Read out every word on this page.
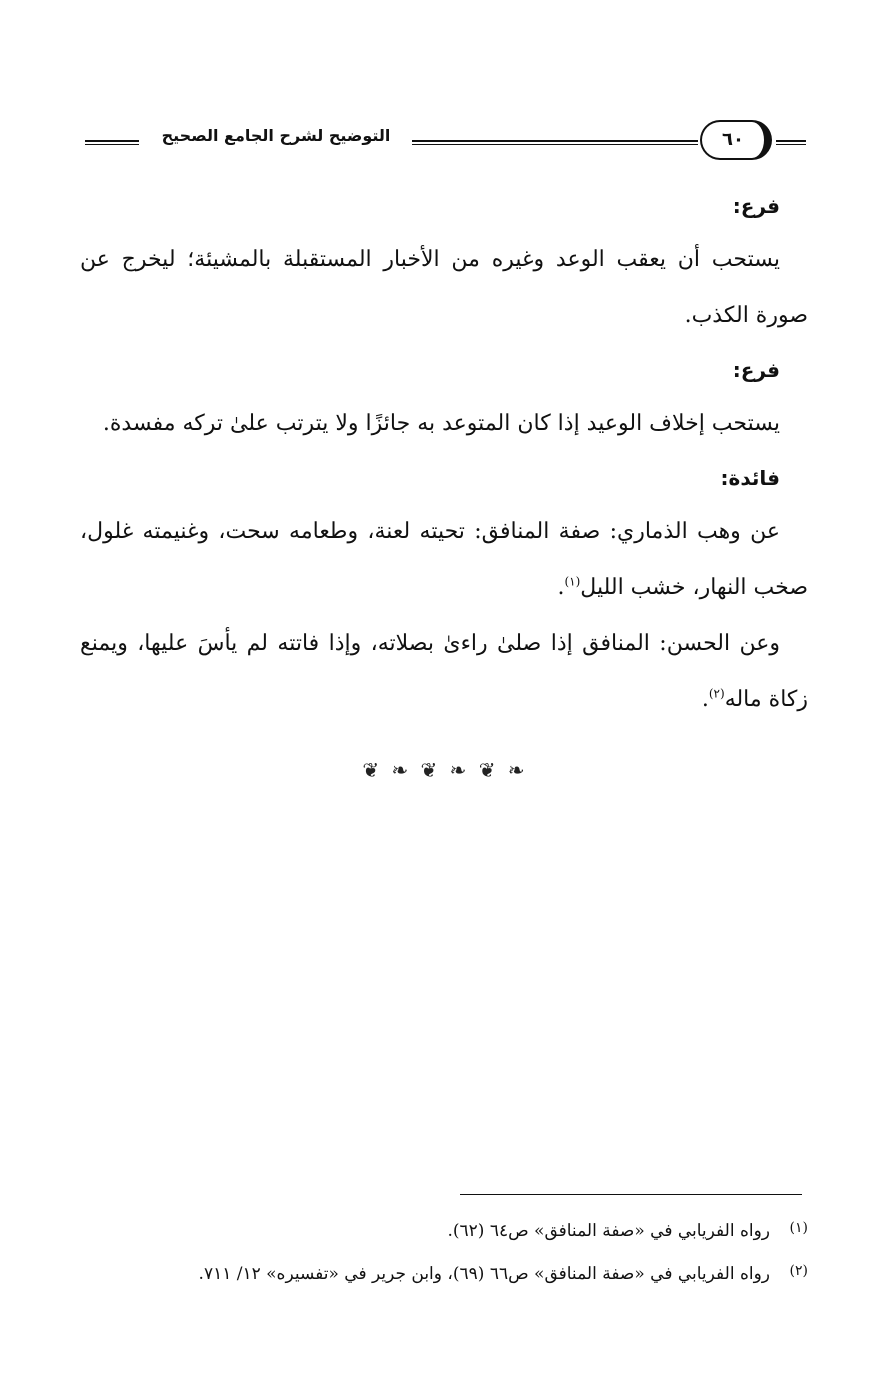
التوضيح لشرح الجامع الصحيح	٦٠
فرع:

يستحب أن يعقب الوعد وغيره من الأخبار المستقبلة بالمشيئة؛ ليخرج عن صورة الكذب.

فرع:

يستحب إخلاف الوعيد إذا كان المتوعد به جائزًا ولا يترتب علىٰ تركه مفسدة.

فائدة:

عن وهب الذماري: صفة المنافق: تحيته لعنة، وطعامه سحت، وغنيمته غلول، صخب النهار، خشب الليل$^{(١)}$.

وعن الحسن: المنافق إذا صلىٰ راءىٰ بصلاته، وإذا فاتته لم يأسَ عليها، ويمنع زكاة ماله$^{(٢)}$.

❦ ❧ ❦ ❧ ❦ ❧

(١)رواه الفريابي في «صفة المنافق» ص٦٤ (٦٢).

(٢)رواه الفريابي في «صفة المنافق» ص٦٦ (٦٩)، وابن جرير في «تفسيره» ١٢/ ٧١١.
